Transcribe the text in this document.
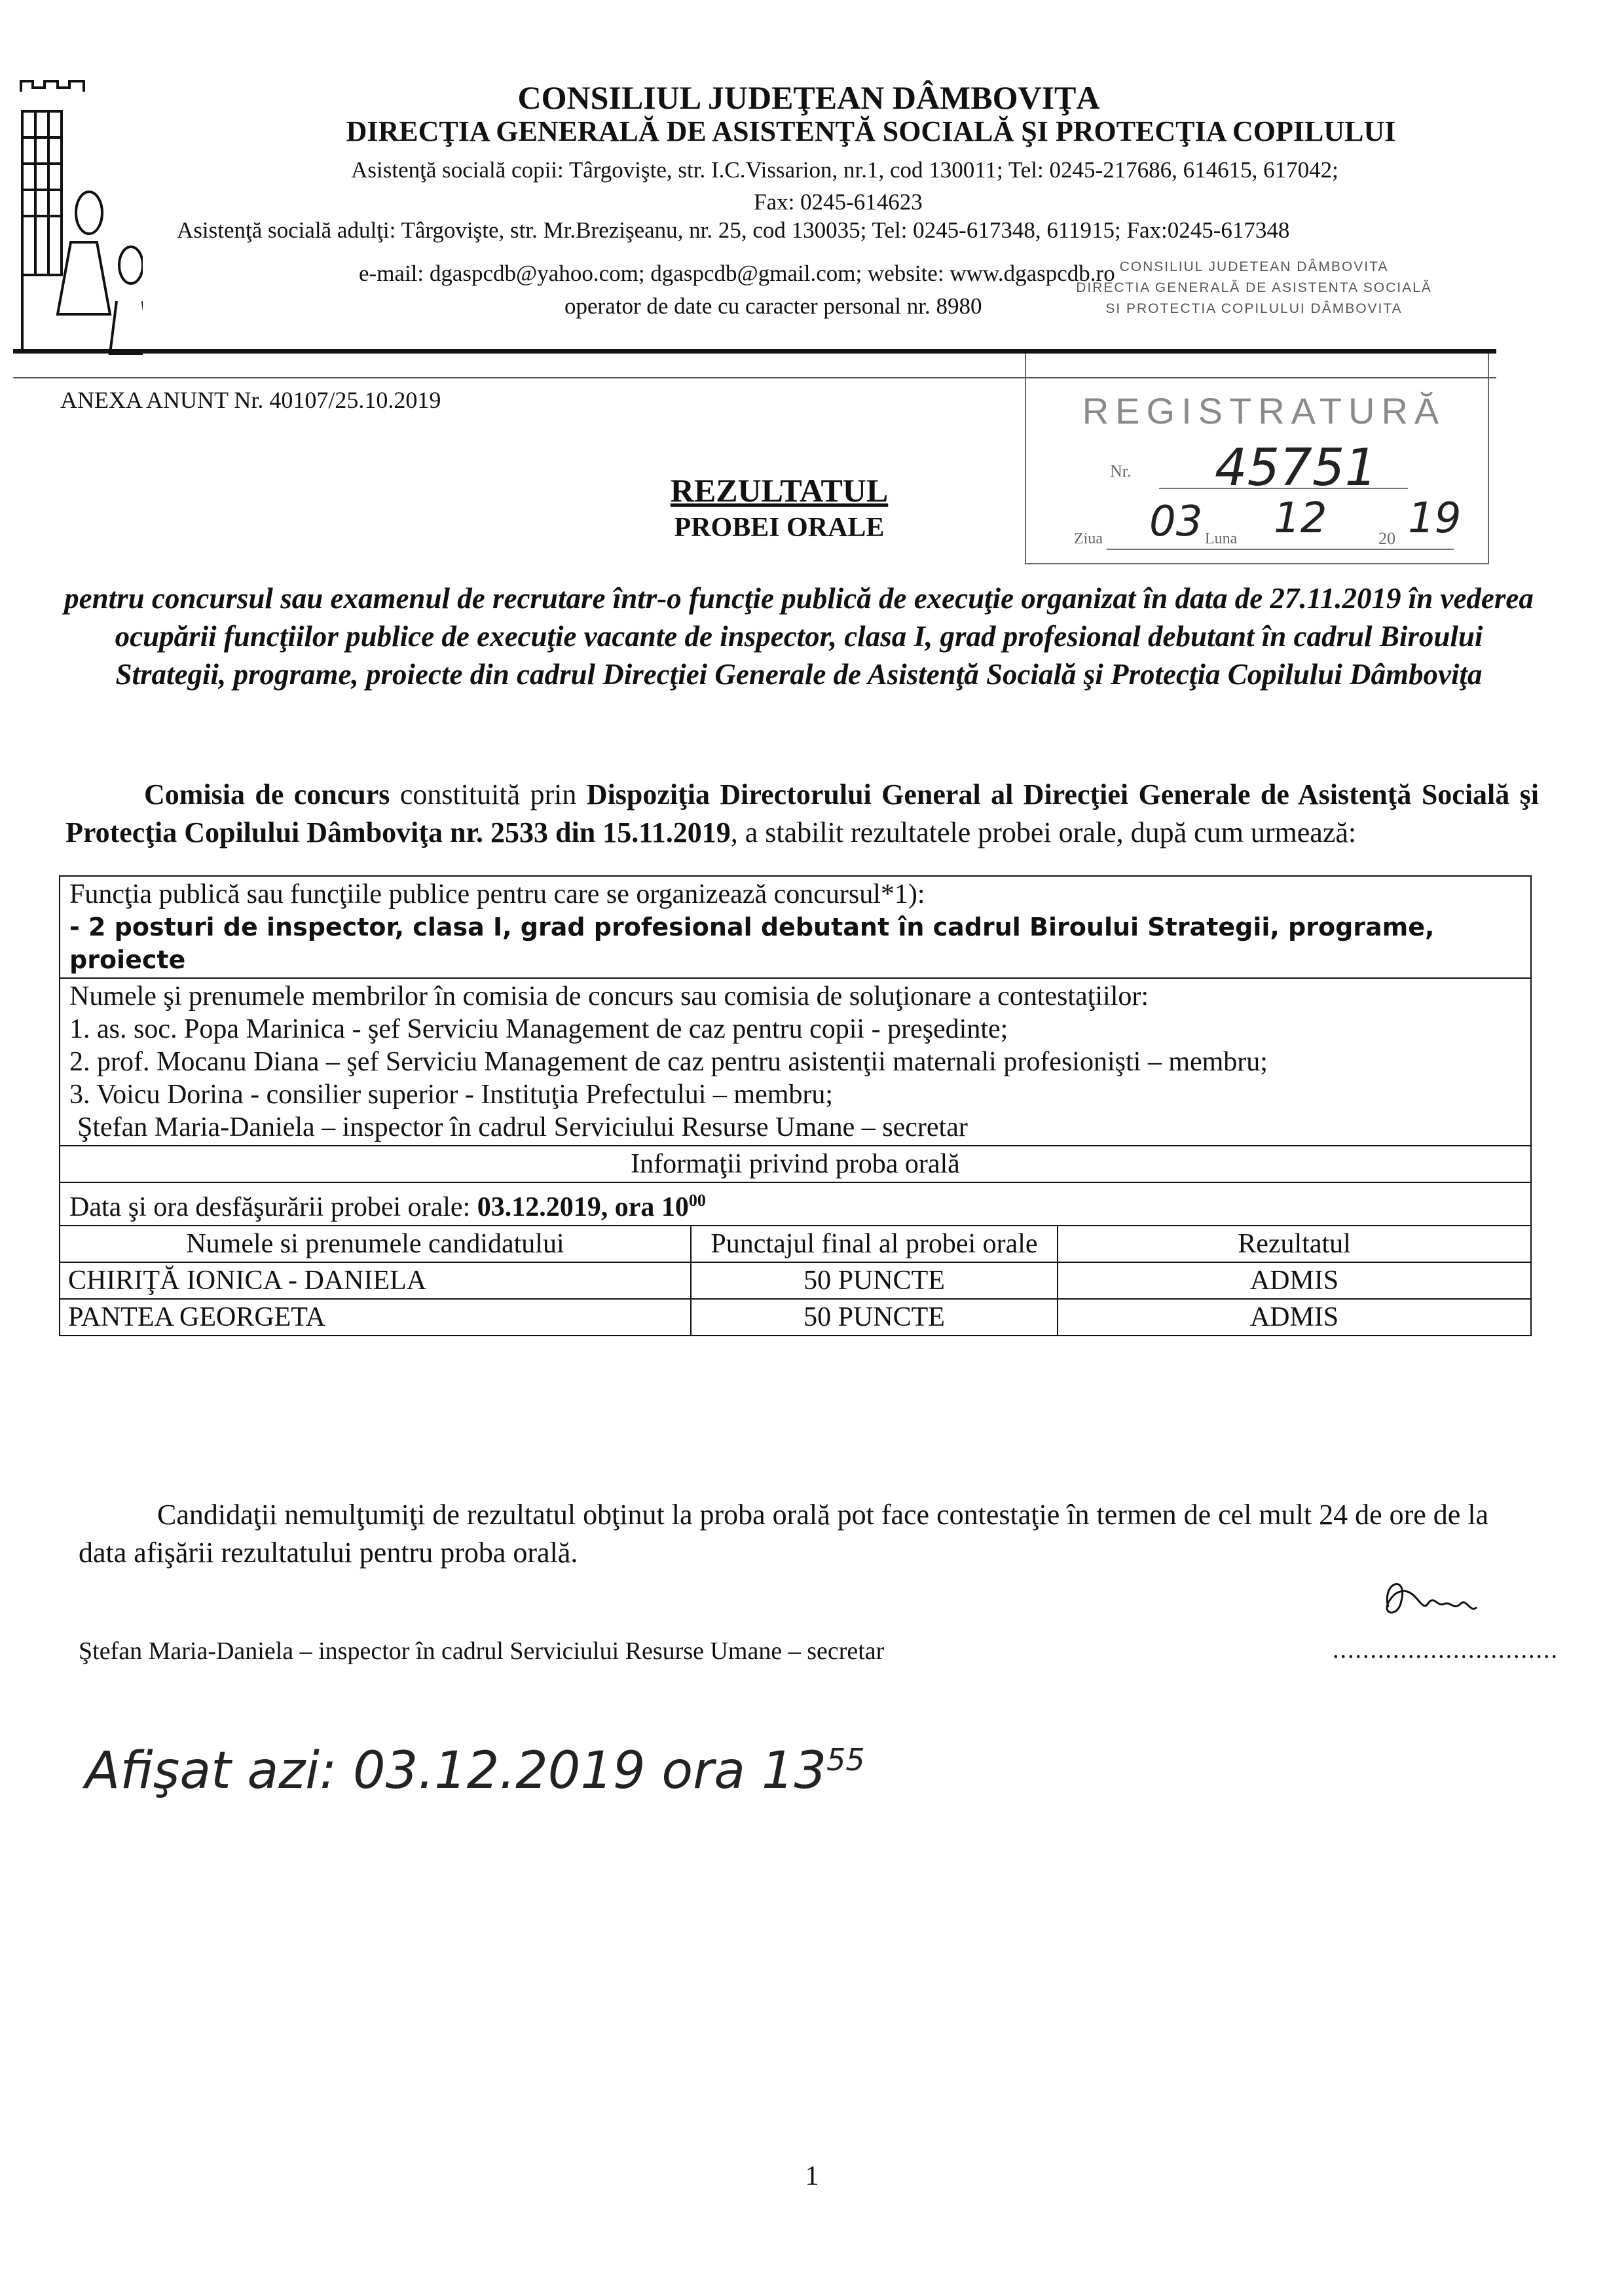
CONSILIUL JUDEŢEAN DÂMBOVIŢA
DIRECŢIA GENERALĂ DE ASISTENŢĂ SOCIALĂ ŞI PROTECŢIA COPILULUI
Asistenţă socială copii: Târgovişte, str. I.C.Vissarion, nr.1, cod 130011; Tel: 0245-217686, 614615, 617042;
Fax: 0245-614623
Asistenţă socială adulţi: Târgovişte, str. Mr.Brezişeanu, nr. 25, cod 130035; Tel: 0245-617348, 611915; Fax:0245-617348
e-mail: dgaspcdb@yahoo.com; dgaspcdb@gmail.com; website: www.dgaspcdb.ro
operator de date cu caracter personal nr. 8980
CONSILIUL JUDETEAN DÂMBOVITA
DIRECTIA GENERALĂ DE ASISTENTA SOCIALĂ
SI PROTECTIA COPILULUI DÂMBOVITA
REGISTRATURĂ
Nr. 45751
Ziua 03 Luna 12	20 19
ANEXA ANUNT Nr. 40107/25.10.2019
REZULTATUL
PROBEI ORALE
pentru concursul sau examenul de recrutare într-o funcţie publică de execuţie organizat în data de 27.11.2019 în vederea ocupării funcţiilor publice de execuţie vacante de inspector, clasa I, grad profesional debutant în cadrul Biroului Strategii, programe, proiecte din cadrul Direcţiei Generale de Asistenţă Socială şi Protecţia Copilului Dâmboviţa
Comisia de concurs constituită prin Dispoziţia Directorului General al Direcţiei Generale de Asistenţă Socială şi Protecţia Copilului Dâmboviţa nr. 2533 din 15.11.2019, a stabilit rezultatele probei orale, după cum urmează:
Funcţia publică sau funcţiile publice pentru care se organizează concursul*1):
- 2 posturi de inspector, clasa I, grad profesional debutant în cadrul Biroului Strategii, programe, proiecte
Numele şi prenumele membrilor în comisia de concurs sau comisia de soluţionare a contestaţiilor:
1. as. soc. Popa Marinica - şef Serviciu Management de caz pentru copii - preşedinte;
2. prof. Mocanu Diana – şef Serviciu Management de caz pentru asistenţii maternali profesionişti – membru;
3. Voicu Dorina - consilier superior - Instituţia Prefectului – membru;
Ştefan Maria-Daniela – inspector în cadrul Serviciului Resurse Umane – secretar
Informaţii privind proba orală
Data şi ora desfăşurării probei orale: 03.12.2019, ora $10^{00}$
Numele si prenumele candidatului	Punctajul final al probei orale	Rezultatul
CHIRIŢĂ IONICA - DANIELA	50 PUNCTE	ADMIS
PANTEA GEORGETA	50 PUNCTE	ADMIS
Candidaţii nemulţumiţi de rezultatul obţinut la proba orală pot face contestaţie în termen de cel mult 24 de ore de la data afişării rezultatului pentru proba orală.
Ştefan Maria-Daniela – inspector în cadrul Serviciului Resurse Umane – secretar	..............................
Afişat azi: 03.12.2019 ora $13^{55}$
1
